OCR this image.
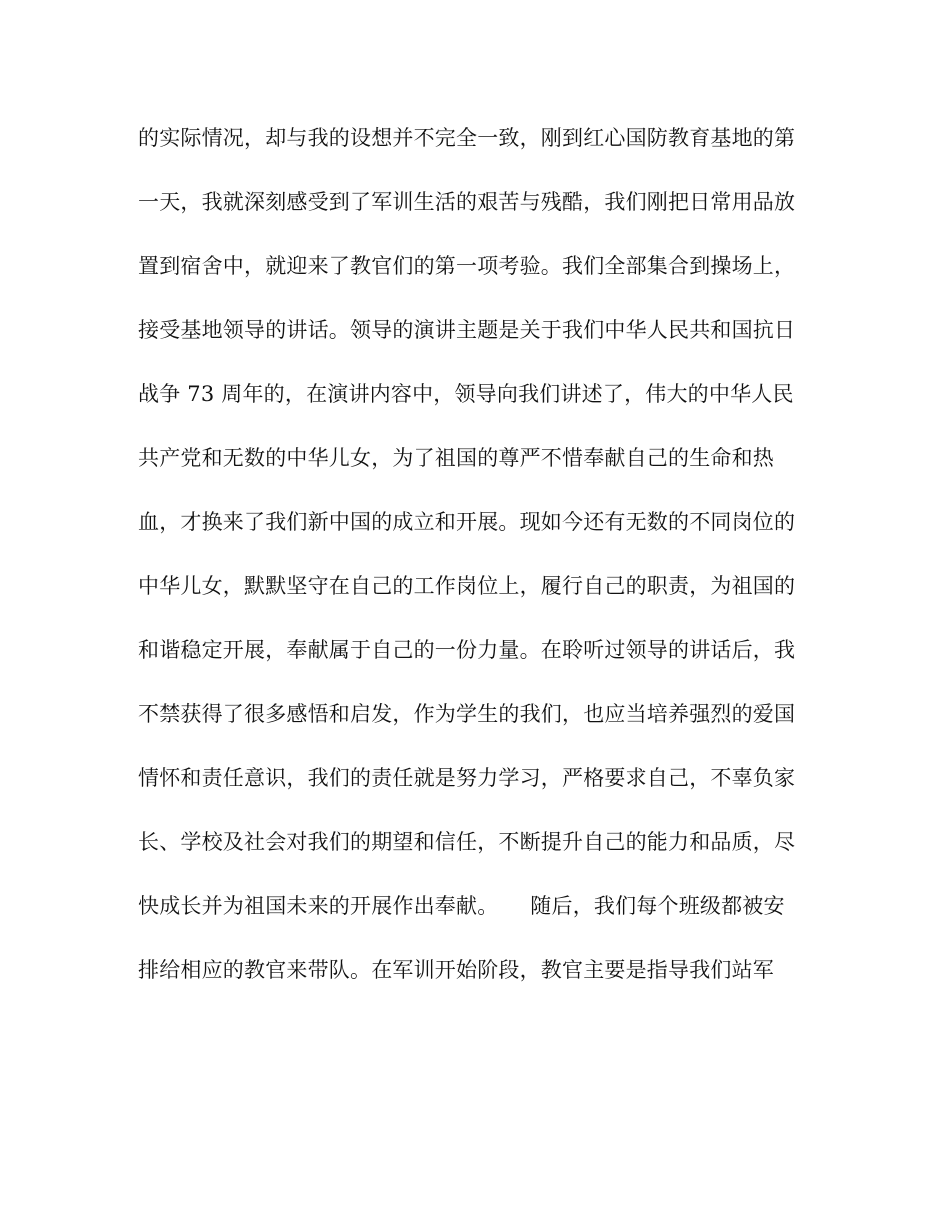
的实际情况，却与我的设想并不完全一致，刚到红心国防教育基地的第
一天，我就深刻感受到了军训生活的艰苦与残酷，我们刚把日常用品放
置到宿舍中，就迎来了教官们的第一项考验。我们全部集合到操场上，
接受基地领导的讲话。领导的演讲主题是关于我们中华人民共和国抗日
战争 73 周年的，在演讲内容中，领导向我们讲述了，伟大的中华人民
共产党和无数的中华儿女，为了祖国的尊严不惜奉献自己的生命和热
血，才换来了我们新中国的成立和开展。现如今还有无数的不同岗位的
中华儿女，默默坚守在自己的工作岗位上，履行自己的职责，为祖国的
和谐稳定开展，奉献属于自己的一份力量。在聆听过领导的讲话后，我
不禁获得了很多感悟和启发，作为学生的我们，也应当培养强烈的爱国
情怀和责任意识，我们的责任就是努力学习，严格要求自己，不辜负家
长、学校及社会对我们的期望和信任，不断提升自己的能力和品质，尽
快成长并为祖国未来的开展作出奉献。　　随后，我们每个班级都被安
排给相应的教官来带队。在军训开始阶段，教官主要是指导我们站军
